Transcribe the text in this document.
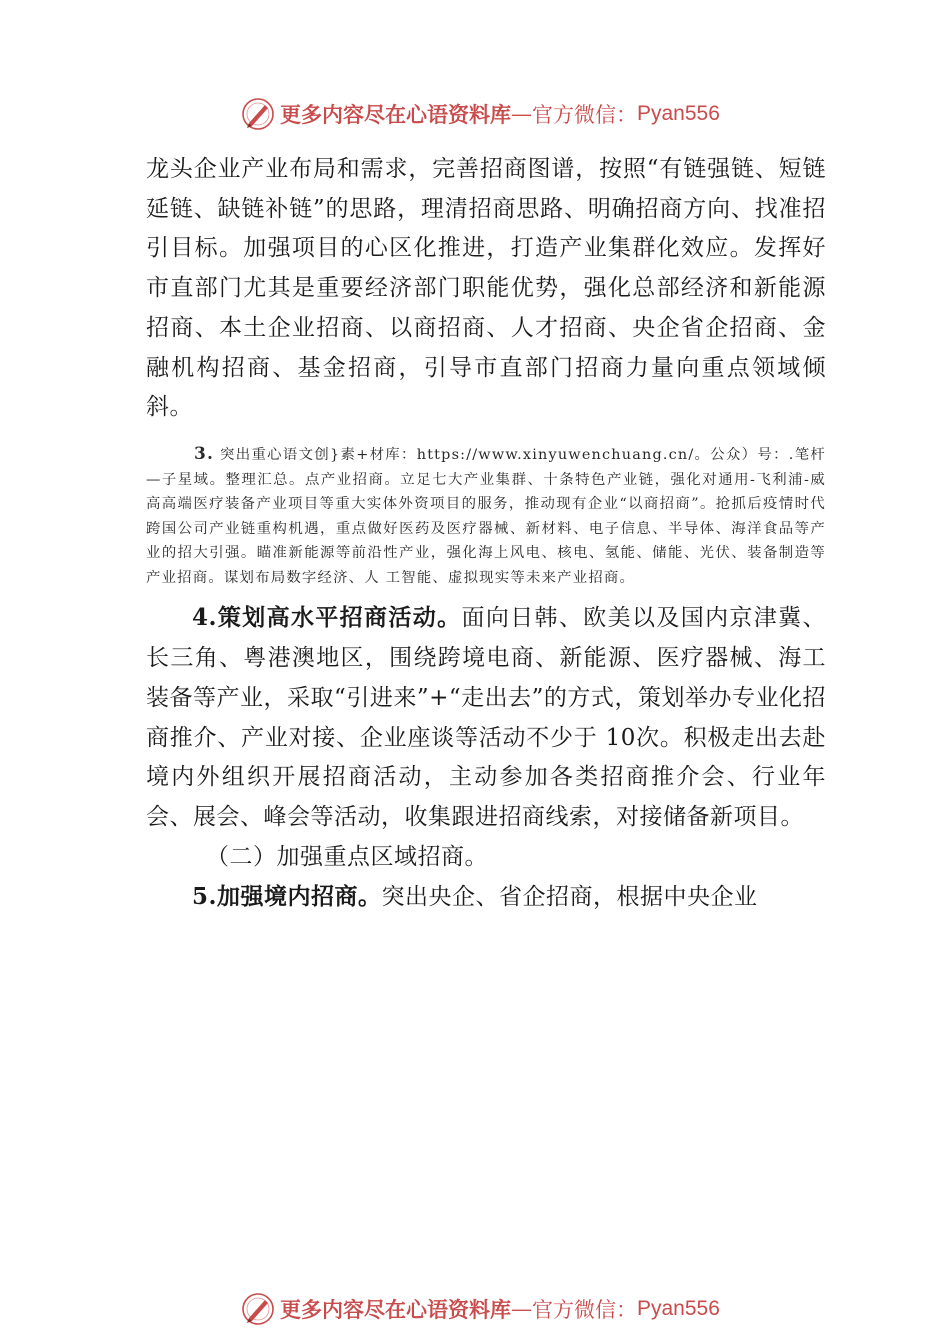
更多内容尽在心语资料库 — 官方微信： Pyan556

龙头企业产业布局和需求，完善招商图谱，按照“有链强链、短链延链、缺链补链”的思路，理清招商思路、明确招商方向、找准招引目标。加强项目的心区化推进，打造产业集群化效应。发挥好市直部门尤其是重要经济部门职能优势，强化总部经济和新能源招商、本土企业招商、以商招商、人才招商、央企省企招商、金融机构招商、基金招商，引导市直部门招商力量向重点领域倾斜。

3. 突出重心语文创}素+材库：https://www.xinyuwenchuang.cn/。公众）号：.笔杆—子星域。整理汇总。点产业招商。立足七大产业集群、十条特色产业链，强化对通用-飞利浦-威高高端医疗装备产业项目等重大实体外资项目的服务，推动现有企业“以商招商”。抢抓后疫情时代跨国公司产业链重构机遇，重点做好医药及医疗器械、新材料、电子信息、半导体、海洋食品等产业的招大引强。瞄准新能源等前沿性产业，强化海上风电、核电、氢能、储能、光伏、装备制造等产业招商。谋划布局数字经济、人 工智能、虚拟现实等未来产业招商。

4.策划高水平招商活动。面向日韩、欧美以及国内京津冀、长三角、粤港澳地区，围绕跨境电商、新能源、医疗器械、海工装备等产业，采取“引进来”+“走出去”的方式，策划举办专业化招商推介、产业对接、企业座谈等活动不少于 10次。积极走出去赴境内外组织开展招商活动，主动参加各类招商推介会、行业年会、展会、峰会等活动，收集跟进招商线索，对接储备新项目。

（二）加强重点区域招商。

5.加强境内招商。突出央企、省企招商，根据中央企业

更多内容尽在心语资料库 — 官方微信： Pyan556
